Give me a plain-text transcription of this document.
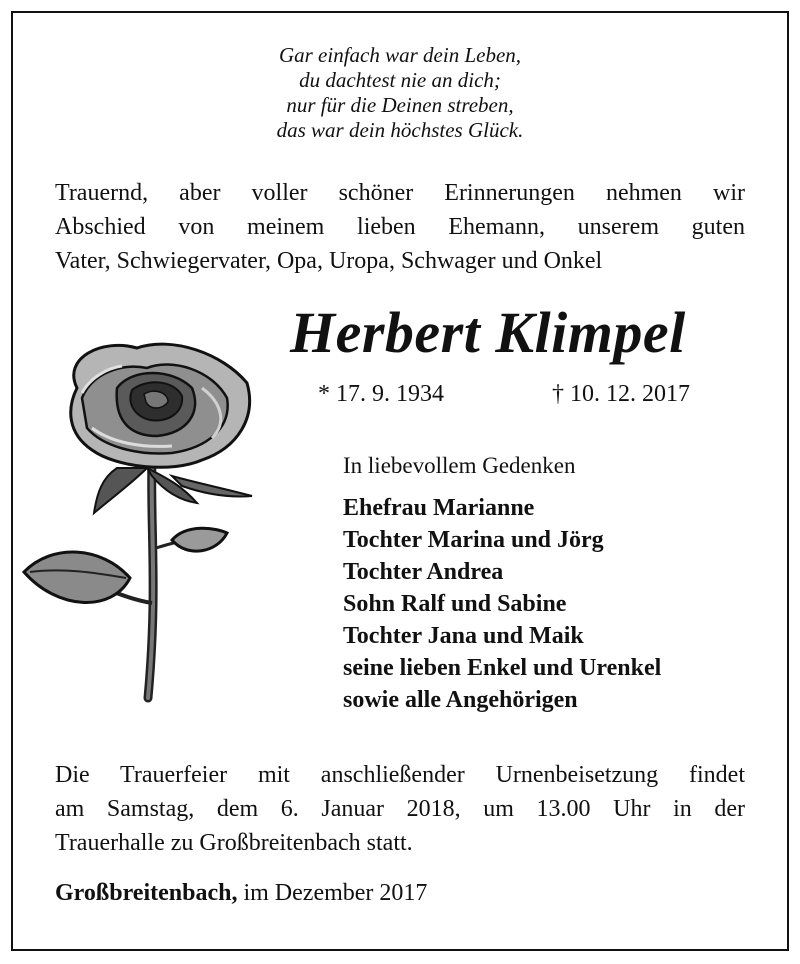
Gar einfach war dein Leben,
du dachtest nie an dich;
nur für die Deinen streben,
das war dein höchstes Glück.
Trauernd, aber voller schöner Erinnerungen nehmen wir
Abschied von meinem lieben Ehemann, unserem guten
Vater, Schwiegervater, Opa, Uropa, Schwager und Onkel
Herbert Klimpel
* 17. 9. 1934	† 10. 12. 2017
In liebevollem Gedenken
Ehefrau Marianne
Tochter Marina und Jörg
Tochter Andrea
Sohn Ralf und Sabine
Tochter Jana und Maik
seine lieben Enkel und Urenkel
sowie alle Angehörigen
Die Trauerfeier mit anschließender Urnenbeisetzung findet
am Samstag, dem 6. Januar 2018, um 13.00 Uhr in der
Trauerhalle zu Großbreitenbach statt.
Großbreitenbach, im Dezember 2017
